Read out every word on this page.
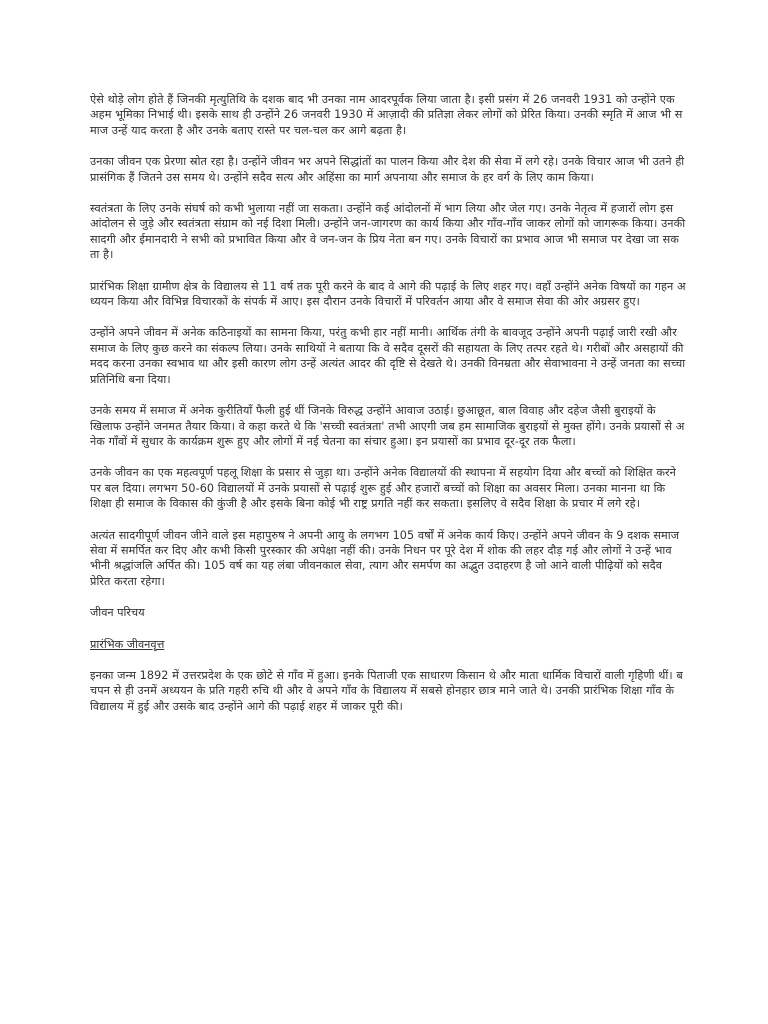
ऐसे थोड़े लोग होते हैं जिनकी मृत्युतिथि के दशक बाद भी उनका नाम आदरपूर्वक लिया जाता है। इसी प्रसंग में 26 जनवरी 1931 को उन्होंने एक अहम भूमिका निभाई थी। इसके साथ ही उन्होंने 26 जनवरी 1930 में आज़ादी की प्रतिज्ञा लेकर लोगों को प्रेरित किया। उनकी स्मृति में आज भी समाज उन्हें याद करता है और उनके बताए रास्ते पर चल-चल कर आगे बढ़ता है।

उनका जीवन एक प्रेरणा स्रोत रहा है। उन्होंने जीवन भर अपने सिद्धांतों का पालन किया और देश की सेवा में लगे रहे। उनके विचार आज भी उतने ही प्रासंगिक हैं जितने उस समय थे। उन्होंने सदैव सत्य और अहिंसा का मार्ग अपनाया और समाज के हर वर्ग के लिए काम किया।

स्वतंत्रता के लिए उनके संघर्ष को कभी भुलाया नहीं जा सकता। उन्होंने कई आंदोलनों में भाग लिया और जेल गए। उनके नेतृत्व में हजारों लोग इस आंदोलन से जुड़े और स्वतंत्रता संग्राम को नई दिशा मिली। उन्होंने जन-जागरण का कार्य किया और गाँव-गाँव जाकर लोगों को जागरूक किया। उनकी सादगी और ईमानदारी ने सभी को प्रभावित किया और वे जन-जन के प्रिय नेता बन गए। उनके विचारों का प्रभाव आज भी समाज पर देखा जा सकता है।

प्रारंभिक शिक्षा ग्रामीण क्षेत्र के विद्यालय से 11 वर्ष तक पूरी करने के बाद वे आगे की पढ़ाई के लिए शहर गए। वहाँ उन्होंने अनेक विषयों का गहन अध्ययन किया और विभिन्न विचारकों के संपर्क में आए। इस दौरान उनके विचारों में परिवर्तन आया और वे समाज सेवा की ओर अग्रसर हुए।

उन्होंने अपने जीवन में अनेक कठिनाइयों का सामना किया, परंतु कभी हार नहीं मानी। आर्थिक तंगी के बावजूद उन्होंने अपनी पढ़ाई जारी रखी और समाज के लिए कुछ करने का संकल्प लिया। उनके साथियों ने बताया कि वे सदैव दूसरों की सहायता के लिए तत्पर रहते थे। गरीबों और असहायों की मदद करना उनका स्वभाव था और इसी कारण लोग उन्हें अत्यंत आदर की दृष्टि से देखते थे। उनकी विनम्रता और सेवाभावना ने उन्हें जनता का सच्चा प्रतिनिधि बना दिया।

उनके समय में समाज में अनेक कुरीतियाँ फैली हुई थीं जिनके विरुद्ध उन्होंने आवाज उठाई। छुआछूत, बाल विवाह और दहेज जैसी बुराइयों के खिलाफ उन्होंने जनमत तैयार किया। वे कहा करते थे कि 'सच्ची स्वतंत्रता' तभी आएगी जब हम सामाजिक बुराइयों से मुक्त होंगे। उनके प्रयासों से अनेक गाँवों में सुधार के कार्यक्रम शुरू हुए और लोगों में नई चेतना का संचार हुआ। इन प्रयासों का प्रभाव दूर-दूर तक फैला।

उनके जीवन का एक महत्वपूर्ण पहलू शिक्षा के प्रसार से जुड़ा था। उन्होंने अनेक विद्यालयों की स्थापना में सहयोग दिया और बच्चों को शिक्षित करने पर बल दिया। लगभग 50-60 विद्यालयों में उनके प्रयासों से पढ़ाई शुरू हुई और हजारों बच्चों को शिक्षा का अवसर मिला। उनका मानना था कि शिक्षा ही समाज के विकास की कुंजी है और इसके बिना कोई भी राष्ट्र प्रगति नहीं कर सकता। इसलिए वे सदैव शिक्षा के प्रचार में लगे रहे।

अत्यंत सादगीपूर्ण जीवन जीने वाले इस महापुरुष ने अपनी आयु के लगभग 105 वर्षों में अनेक कार्य किए। उन्होंने अपने जीवन के 9 दशक समाज सेवा में समर्पित कर दिए और कभी किसी पुरस्कार की अपेक्षा नहीं की। उनके निधन पर पूरे देश में शोक की लहर दौड़ गई और लोगों ने उन्हें भावभीनी श्रद्धांजलि अर्पित की। 105 वर्ष का यह लंबा जीवनकाल सेवा, त्याग और समर्पण का अद्भुत उदाहरण है जो आने वाली पीढ़ियों को सदैव प्रेरित करता रहेगा।

जीवन परिचय

प्रारंभिक जीवनवृत्त

इनका जन्म 1892 में उत्तरप्रदेश के एक छोटे से गाँव में हुआ। इनके पिताजी एक साधारण किसान थे और माता धार्मिक विचारों वाली गृहिणी थीं। बचपन से ही उनमें अध्ययन के प्रति गहरी रुचि थी और वे अपने गाँव के विद्यालय में सबसे होनहार छात्र माने जाते थे। उनकी प्रारंभिक शिक्षा गाँव के विद्यालय में हुई और उसके बाद उन्होंने आगे की पढ़ाई शहर में जाकर पूरी की।
